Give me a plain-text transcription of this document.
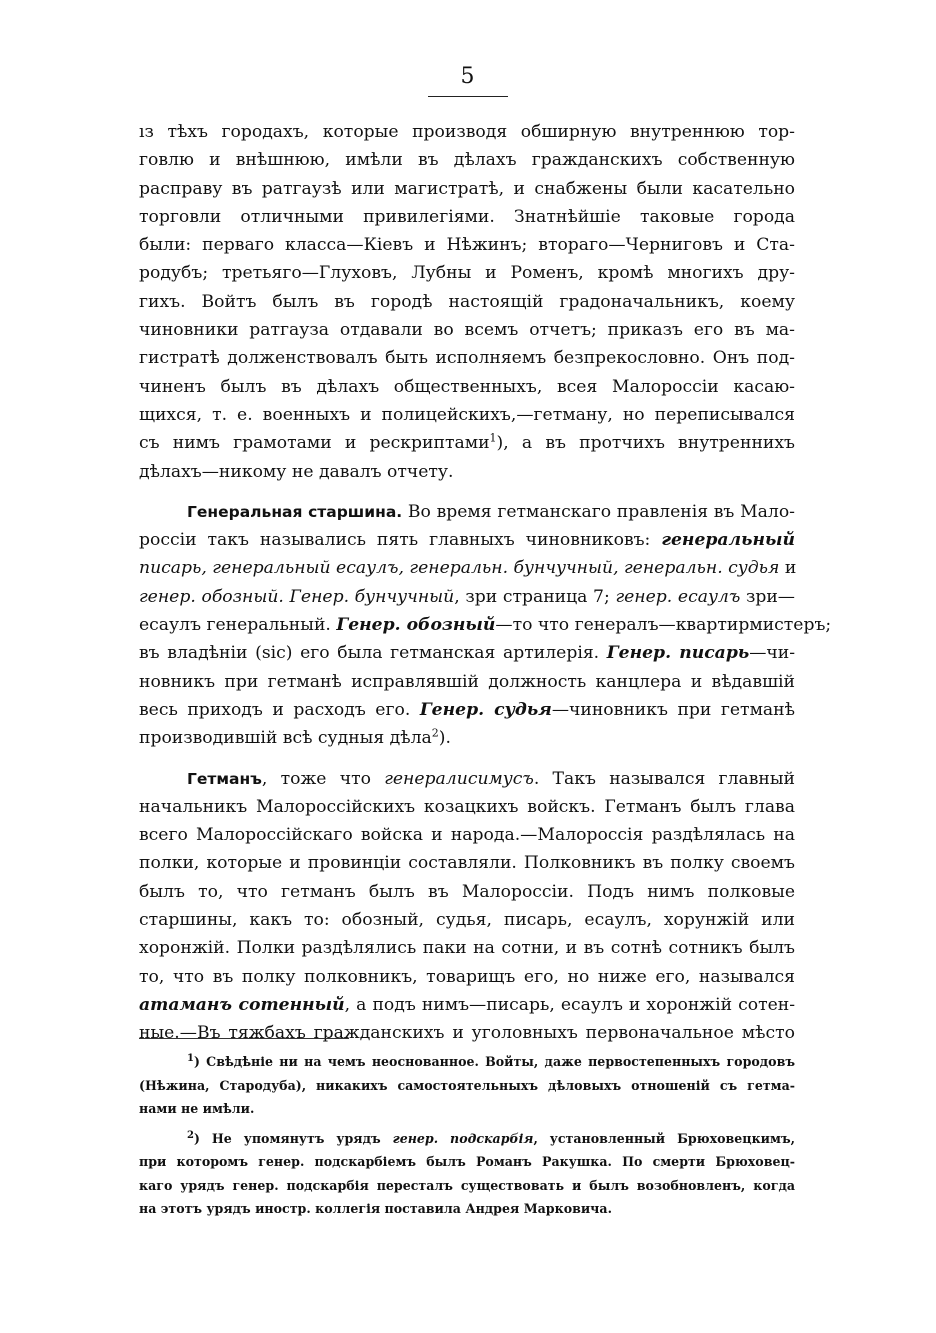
5
ıз тѣхъ городахъ, которые производя обширную внутреннюю тор-
говлю и внѣшнюю, имѣли въ дѣлахъ гражданскихъ собственную
расправу въ ратгаузѣ или магистратѣ, и снабжены были касательно
торговли отличными привилегіями. Знатнѣйшіе таковые города
были: перваго класса—Кіевъ и Нѣжинъ; втораго—Черниговъ и Ста-
родубъ; третьяго—Глуховъ, Лубны и Роменъ, кромѣ многихъ дру-
гихъ. Войтъ былъ въ городѣ настоящій градоначальникъ, коему
чиновники ратгауза отдавали во всемъ отчетъ; приказъ его въ ма-
гистратѣ долженствовалъ быть исполняемъ безпрекословно. Онъ под-
чиненъ былъ въ дѣлахъ общественныхъ, всея Малороссіи касаю-
щихся, т. е. военныхъ и полицейскихъ,—гетману, но переписывался
съ нимъ грамотами и рескриптами$^1$), а въ протчихъ внутреннихъ
дѣлахъ—никому не давалъ отчету.
Генеральная старшина. Во время гетманскаго правленія въ Мало-
россіи такъ назывались пять главныхъ чиновниковъ: генеральный
писарь, генеральный есаулъ, генеральн. бунчучный, генеральн. судья и
генер. обозный. Генер. бунчучный, зри страница 7; генер. есаулъ зри—
есаулъ генеральный. Генер. обозный—то что генералъ—квартирмистеръ;
въ владѣніи (sic) его была гетманская артилерія. Генер. писарь—чи-
новникъ при гетманѣ исправлявшій должность канцлера и вѣдавшій
весь приходъ и расходъ его. Генер. судья—чиновникъ при гетманѣ
производившій всѣ судныя дѣла$^2$).
Гетманъ, тоже что генералисимусъ. Такъ назывался главный
начальникъ Малороссійскихъ козацкихъ войскъ. Гетманъ былъ глава
всего Малороссійскаго войска и народа.—Малороссія раздѣлялась на
полки, которые и провинціи составляли. Полковникъ въ полку своемъ
былъ то, что гетманъ былъ въ Малороссіи. Подъ нимъ полковые
старшины, какъ то: обозный, судья, писарь, есаулъ, хорунжій или
хоронжій. Полки раздѣлялись паки на сотни, и въ сотнѣ сотникъ былъ
то, что въ полку полковникъ, товарищъ его, но ниже его, назывался
атаманъ сотенный, а подъ нимъ—писарь, есаулъ и хоронжій сотен-
ные.—Въ тяжбахъ гражданскихъ и уголовныхъ первоначальное мѣсто
$^1$) Свѣдѣніе ни на чемъ неоснованное. Войты, даже первостепенныхъ городовъ
(Нѣжина, Стародуба), никакихъ самостоятельныхъ дѣловыхъ отношеній съ гетма-
нами не имѣли.
$^2$) Не упомянутъ урядъ генер. подскарбія, установленный Брюховецкимъ,
при которомъ генер. подскарбіемъ былъ Романъ Ракушка. По смерти Брюховец-
каго урядъ генер. подскарбія пересталъ существовать и былъ возобновленъ, когда
на этотъ урядъ иностр. коллегія поставила Андрея Марковича.
